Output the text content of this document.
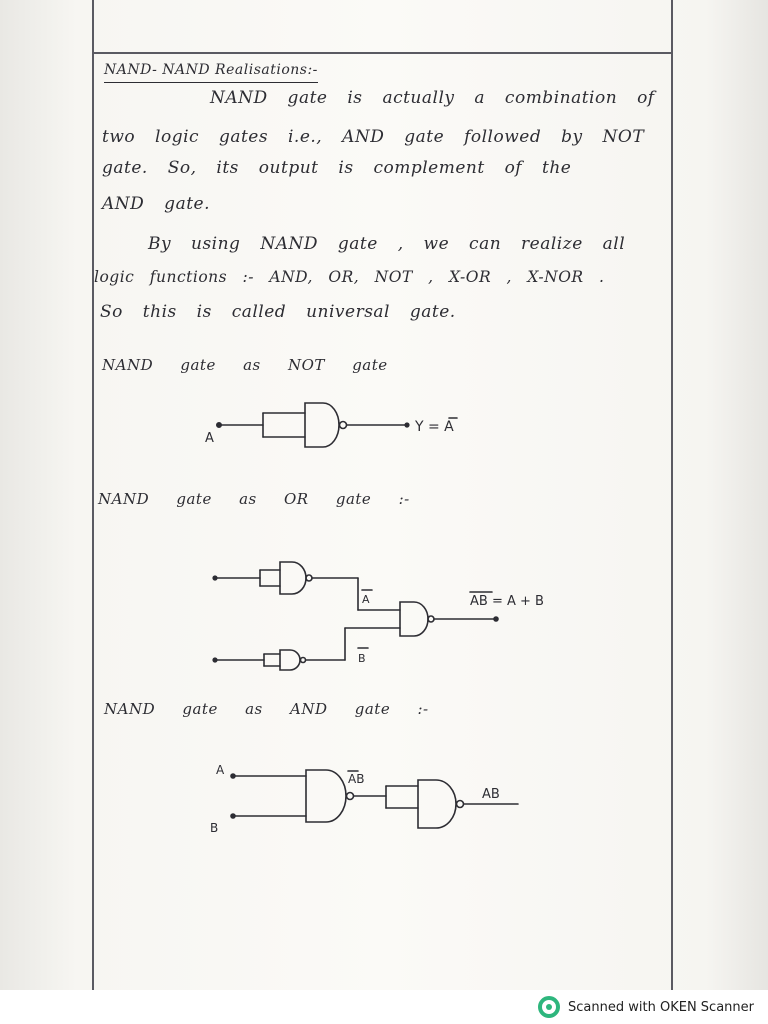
NAND- NAND Realisations:-
NAND gate is actually a combination of
two logic gates i.e., AND gate followed by NOT
gate. So, its output is complement of the
AND gate.
By using NAND gate , we can realize all
logic functions :- AND, OR, NOT , X-OR , X-NOR .
So this is called universal gate.
NAND gate as NOT gate
A
Y = A
NAND gate as OR gate :-
A
B
AB = A + B
NAND gate as AND gate :-
A
B
AB
AB
Scanned with OKEN Scanner
